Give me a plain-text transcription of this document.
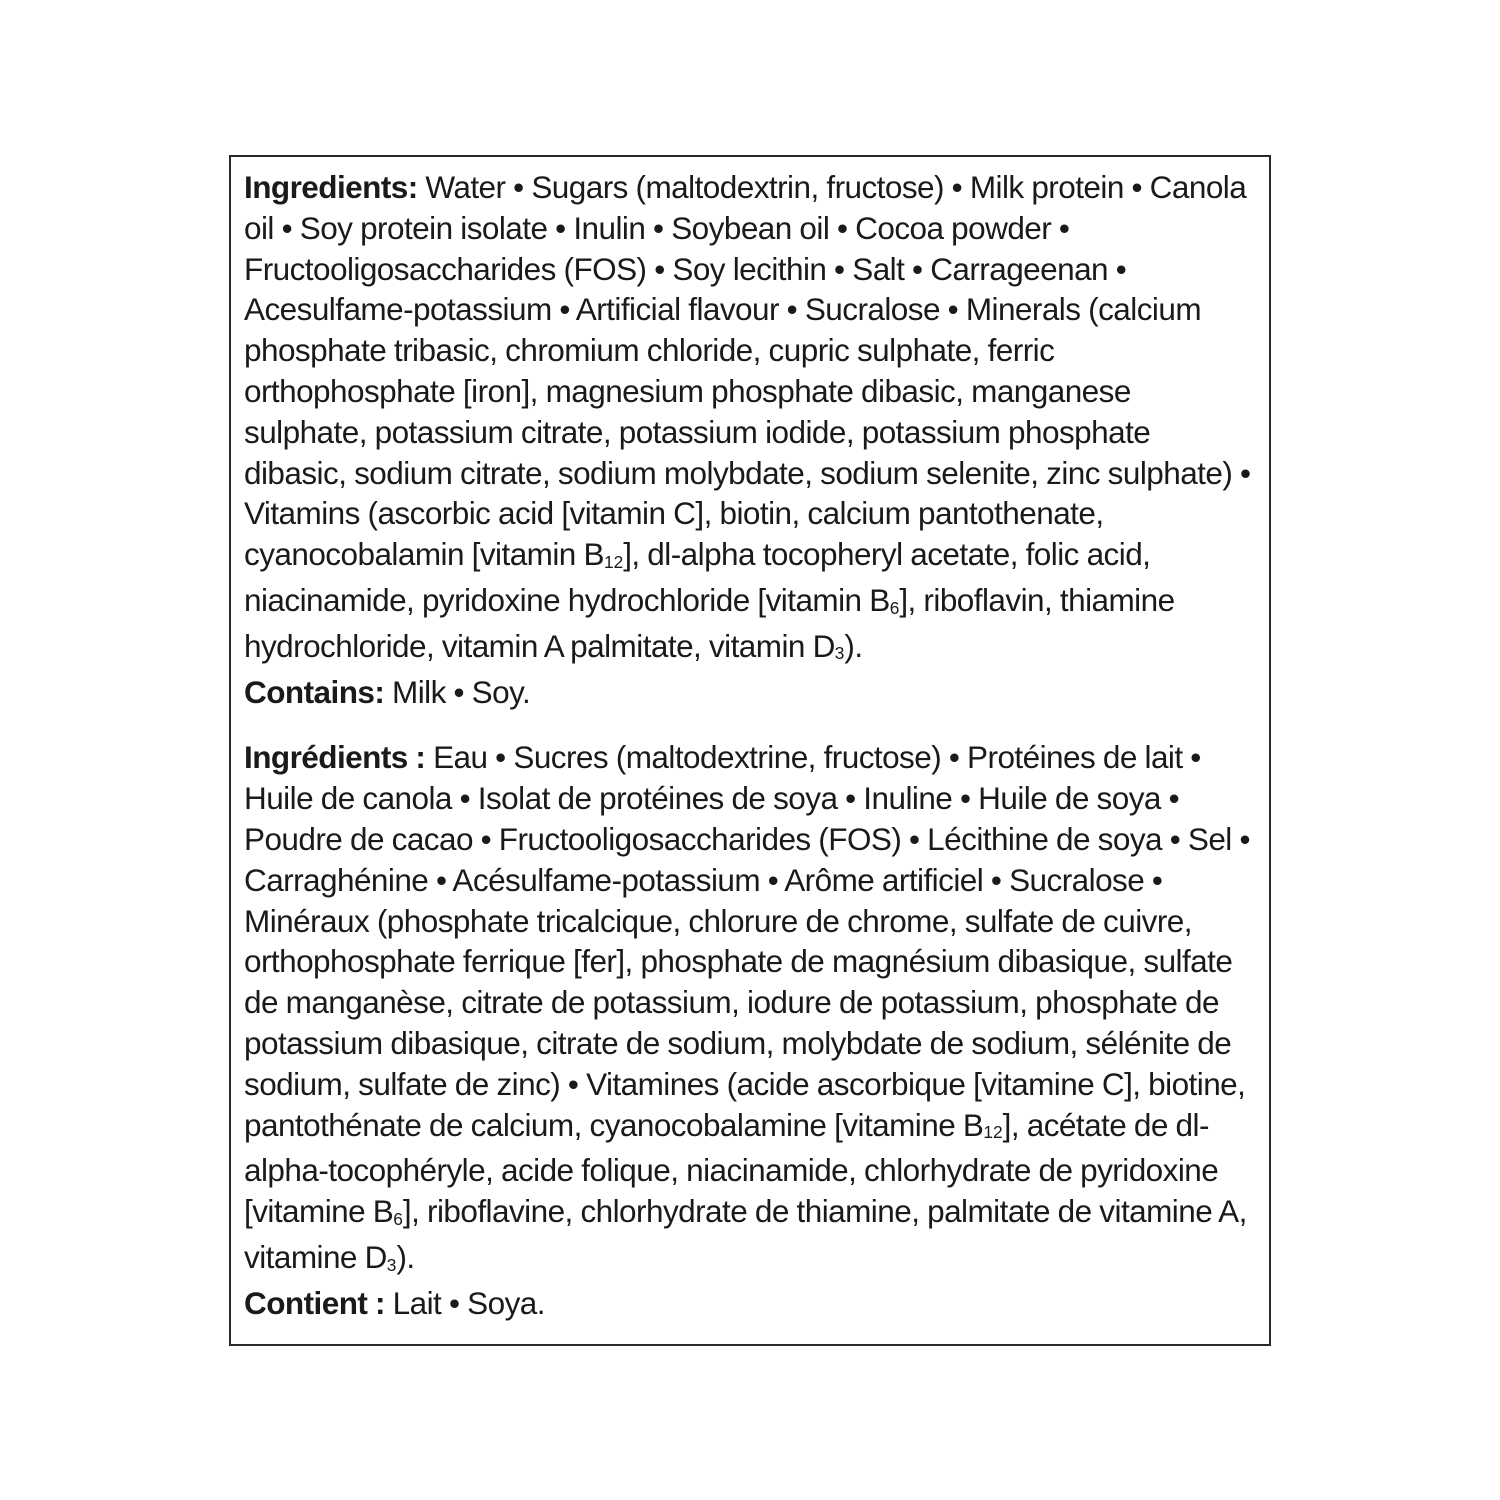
Ingredients: Water • Sugars (maltodextrin, fructose) • Milk protein • Canola oil • Soy protein isolate • Inulin • Soybean oil • Cocoa powder • Fructooligosaccharides (FOS) • Soy lecithin • Salt • Carrageenan • Acesulfame-potassium • Artificial flavour • Sucralose • Minerals (calcium phosphate tribasic, chromium chloride, cupric sulphate, ferric orthophosphate [iron], magnesium phosphate dibasic, manganese sulphate, potassium citrate, potassium iodide, potassium phosphate dibasic, sodium citrate, sodium molybdate, sodium selenite, zinc sulphate) • Vitamins (ascorbic acid [vitamin C], biotin, calcium pantothenate, cyanocobalamin [vitamin $B_{12}$], dl-alpha tocopheryl acetate, folic acid, niacinamide, pyridoxine hydrochloride [vitamin $B_6$], riboflavin, thiamine hydrochloride, vitamin A palmitate, vitamin $D_3$).
Contains: Milk • Soy.

Ingrédients : Eau • Sucres (maltodextrine, fructose) • Protéines de lait • Huile de canola • Isolat de protéines de soya • Inuline • Huile de soya • Poudre de cacao • Fructooligosaccharides (FOS) • Lécithine de soya • Sel • Carraghénine • Acésulfame-potassium • Arôme artificiel • Sucralose • Minéraux (phosphate tricalcique, chlorure de chrome, sulfate de cuivre, orthophosphate ferrique [fer], phosphate de magnésium dibasique, sulfate de manganèse, citrate de potassium, iodure de potassium, phosphate de potassium dibasique, citrate de sodium, molybdate de sodium, sélénite de sodium, sulfate de zinc) • Vitamines (acide ascorbique [vitamine C], biotine, pantothénate de calcium, cyanocobalamine [vitamine $B_{12}$], acétate de dl-alpha-tocophéryle, acide folique, niacinamide, chlorhydrate de pyridoxine [vitamine $B_6$], riboflavine, chlorhydrate de thiamine, palmitate de vitamine A, vitamine $D_3$).
Contient : Lait • Soya.
